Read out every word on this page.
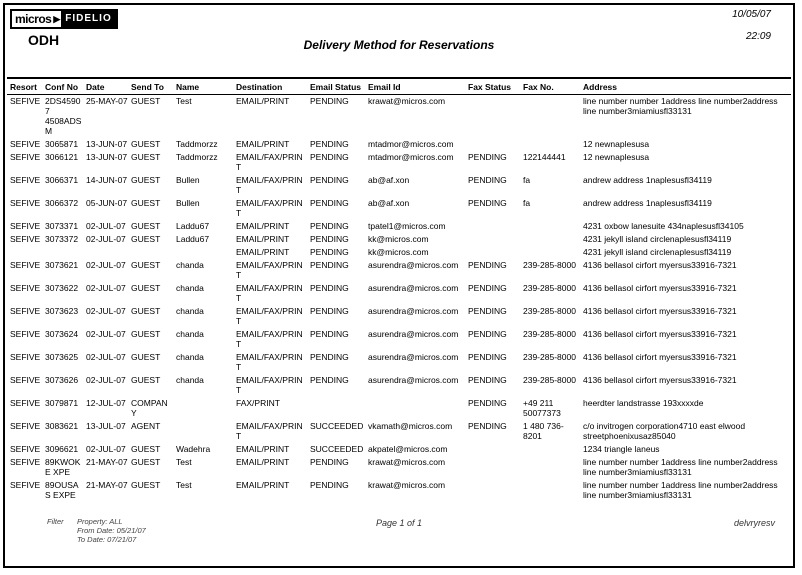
micros ▶ FIDELIO
ODH	Delivery Method for Reservations
10/05/07
22:09
Resort	Conf No	Date	Send To	Name	Destination	Email Status	Email Id	Fax Status	Fax No.	Address
SEFIVE	2DS45907 4508ADSM	25-MAY-07	GUEST	Test	EMAIL/PRINT	PENDING	krawat@micros.com			line number number 1address line number2address line number3miamiusfl33131
SEFIVE	3065871	13-JUN-07	GUEST	Taddmorzz	EMAIL/PRINT	PENDING	mtadmor@micros.com			12 newnaplesusa
SEFIVE	3066121	13-JUN-07	GUEST	Taddmorzz	EMAIL/FAX/PRINT	PENDING	mtadmor@micros.com	PENDING	122144441	12 newnaplesusa
SEFIVE	3066371	14-JUN-07	GUEST	Bullen	EMAIL/FAX/PRINT	PENDING	ab@af.xon	PENDING	fa	andrew address 1naplesusfl34119
SEFIVE	3066372	05-JUN-07	GUEST	Bullen	EMAIL/FAX/PRINT	PENDING	ab@af.xon	PENDING	fa	andrew address 1naplesusfl34119
SEFIVE	3073371	02-JUL-07	GUEST	Laddu67	EMAIL/PRINT	PENDING	tpatel1@micros.com			4231 oxbow lanesuite 434naplesusfl34105
SEFIVE	3073372	02-JUL-07	GUEST	Laddu67	EMAIL/PRINT	PENDING	kk@micros.com			4231 jekyll island circlenaplesusfl34119
					EMAIL/PRINT	PENDING	kk@micros.com			4231 jekyll island circlenaplesusfl34119
SEFIVE	3073621	02-JUL-07	GUEST	chanda	EMAIL/FAX/PRINT	PENDING	asurendra@micros.com	PENDING	239-285-8000	4136 bellasol cirfort myersus33916-7321
SEFIVE	3073622	02-JUL-07	GUEST	chanda	EMAIL/FAX/PRINT	PENDING	asurendra@micros.com	PENDING	239-285-8000	4136 bellasol cirfort myersus33916-7321
SEFIVE	3073623	02-JUL-07	GUEST	chanda	EMAIL/FAX/PRINT	PENDING	asurendra@micros.com	PENDING	239-285-8000	4136 bellasol cirfort myersus33916-7321
SEFIVE	3073624	02-JUL-07	GUEST	chanda	EMAIL/FAX/PRINT	PENDING	asurendra@micros.com	PENDING	239-285-8000	4136 bellasol cirfort myersus33916-7321
SEFIVE	3073625	02-JUL-07	GUEST	chanda	EMAIL/FAX/PRINT	PENDING	asurendra@micros.com	PENDING	239-285-8000	4136 bellasol cirfort myersus33916-7321
SEFIVE	3073626	02-JUL-07	GUEST	chanda	EMAIL/FAX/PRINT	PENDING	asurendra@micros.com	PENDING	239-285-8000	4136 bellasol cirfort myersus33916-7321
SEFIVE	3079871	12-JUL-07	COMPANY		FAX/PRINT			PENDING	+49 211 50077373	heerdter landstrasse 193xxxxde
SEFIVE	3083621	13-JUL-07	AGENT		EMAIL/FAX/PRINT	SUCCEEDED	vkamath@micros.com	PENDING	1 480 736-8201	c/o invitrogen corporation4710 east elwood streetphoenixusaz85040
SEFIVE	3096621	02-JUL-07	GUEST	Wadehra	EMAIL/PRINT	SUCCEEDED	akpatel@micros.com			1234 triangle laneus
SEFIVE	89KWOKE XPE	21-MAY-07	GUEST	Test	EMAIL/PRINT	PENDING	krawat@micros.com			line number number 1address line number2address line number3miamiusfl33131
SEFIVE	89OUSAS EXPE	21-MAY-07	GUEST	Test	EMAIL/PRINT	PENDING	krawat@micros.com			line number number 1address line number2address line number3miamiusfl33131
Filter Property: ALL
From Date: 05/21/07
To Date: 07/21/07
Page 1 of 1	delvryresv
